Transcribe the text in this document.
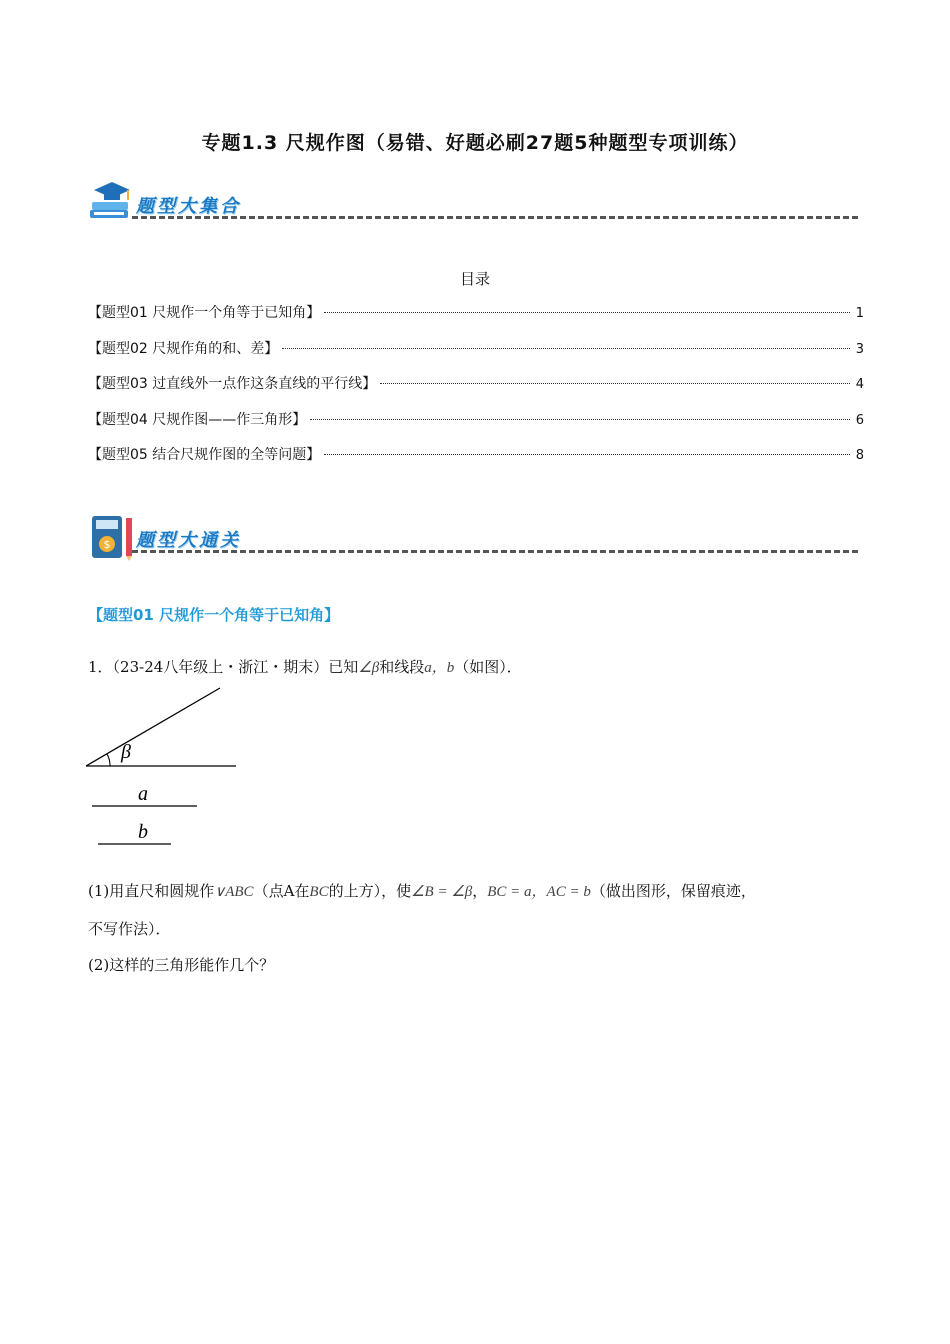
专题1.3 尺规作图（易错、好题必刷27题5种题型专项训练）
题型大集合
目录
【题型01 尺规作一个角等于已知角】	1
【题型02 尺规作角的和、差】	3
【题型03 过直线外一点作这条直线的平行线】	4
【题型04 尺规作图——作三角形】	6
【题型05 结合尺规作图的全等问题】	8
$ 题型大通关
【题型01 尺规作一个角等于已知角】
1．（23-24八年级上・浙江・期末）已知∠β和线段a，b（如图）．
β
a
b
(1)用直尺和圆规作∨ABC（点A在BC的上方），使∠B = ∠β，BC = a，AC = b（做出图形，保留痕迹，
不写作法）．
(2)这样的三角形能作几个？
